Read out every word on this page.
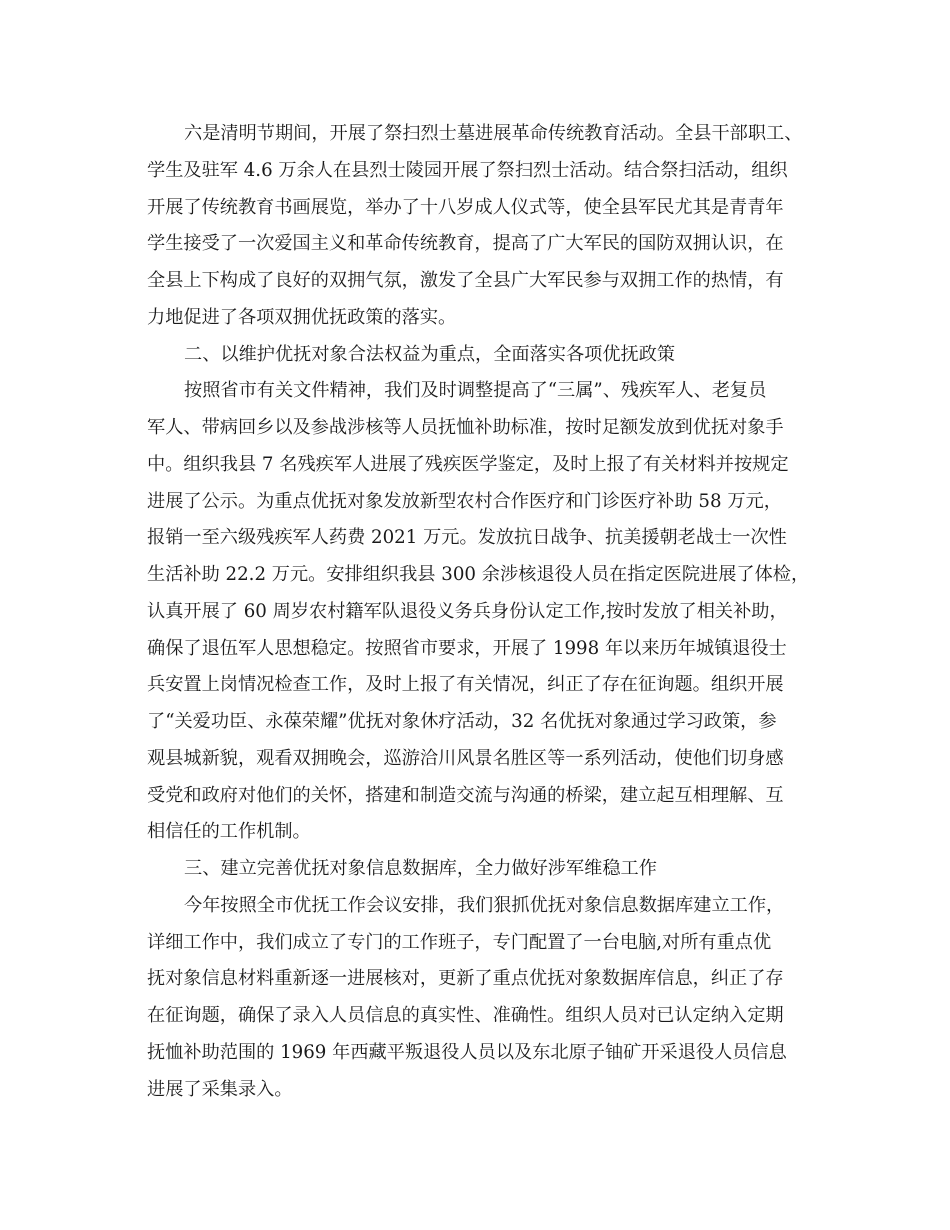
六是清明节期间，开展了祭扫烈士墓进展革命传统教育活动。全县干部职工、
学生及驻军 4.6 万余人在县烈士陵园开展了祭扫烈士活动。结合祭扫活动，组织
开展了传统教育书画展览，举办了十八岁成人仪式等，使全县军民尤其是青青年
学生接受了一次爱国主义和革命传统教育，提高了广大军民的国防双拥认识，在
全县上下构成了良好的双拥气氛，激发了全县广大军民参与双拥工作的热情，有
力地促进了各项双拥优抚政策的落实。
二、以维护优抚对象合法权益为重点，全面落实各项优抚政策
按照省市有关文件精神，我们及时调整提高了“三属”、残疾军人、老复员
军人、带病回乡以及参战涉核等人员抚恤补助标准，按时足额发放到优抚对象手
中。组织我县 7 名残疾军人进展了残疾医学鉴定，及时上报了有关材料并按规定
进展了公示。为重点优抚对象发放新型农村合作医疗和门诊医疗补助 58 万元，
报销一至六级残疾军人药费 2021 万元。发放抗日战争、抗美援朝老战士一次性
生活补助 22.2 万元。安排组织我县 300 余涉核退役人员在指定医院进展了体检，
认真开展了 60 周岁农村籍军队退役义务兵身份认定工作,按时发放了相关补助，
确保了退伍军人思想稳定。按照省市要求，开展了 1998 年以来历年城镇退役士
兵安置上岗情况检查工作，及时上报了有关情况，纠正了存在征询题。组织开展
了“关爱功臣、永葆荣耀”优抚对象休疗活动，32 名优抚对象通过学习政策，参
观县城新貌，观看双拥晚会，巡游洽川风景名胜区等一系列活动，使他们切身感
受党和政府对他们的关怀，搭建和制造交流与沟通的桥梁，建立起互相理解、互
相信任的工作机制。
三、建立完善优抚对象信息数据库，全力做好涉军维稳工作
今年按照全市优抚工作会议安排，我们狠抓优抚对象信息数据库建立工作，
详细工作中，我们成立了专门的工作班子，专门配置了一台电脑,对所有重点优
抚对象信息材料重新逐一进展核对，更新了重点优抚对象数据库信息，纠正了存
在征询题，确保了录入人员信息的真实性、准确性。组织人员对已认定纳入定期
抚恤补助范围的 1969 年西藏平叛退役人员以及东北原子铀矿开采退役人员信息
进展了采集录入。
